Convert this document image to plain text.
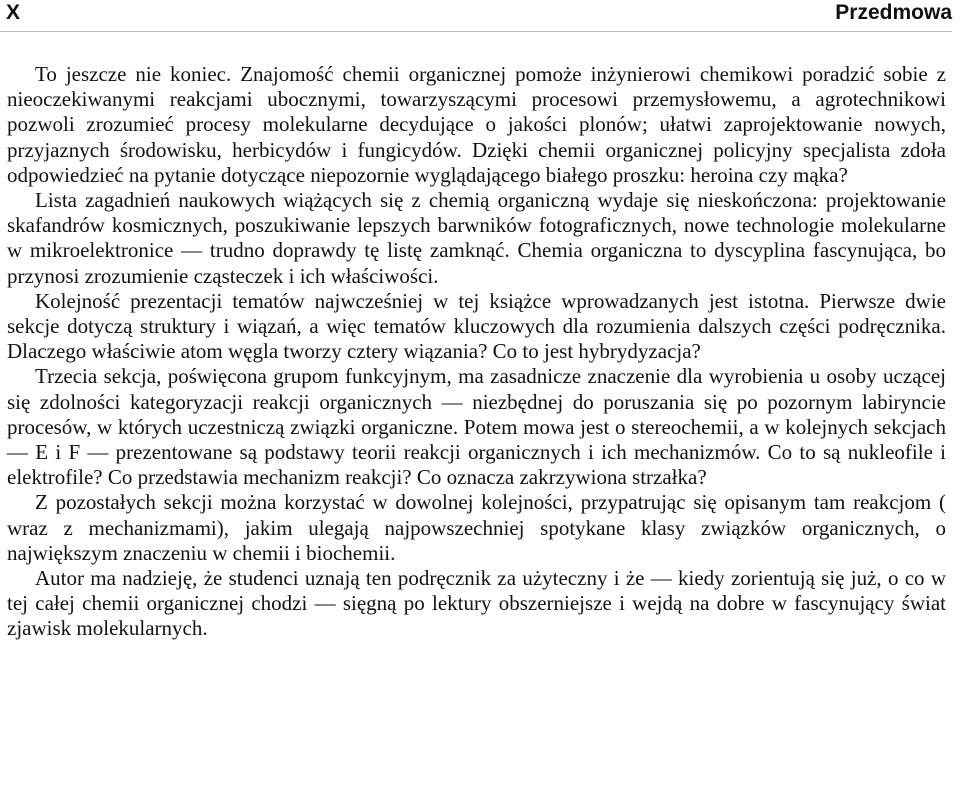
X	Przedmowa

To jeszcze nie koniec. Znajomość chemii organicznej pomoże inżynierowi chemikowi poradzić sobie z nieoczekiwanymi reakcjami ubocznymi, towarzyszącymi procesowi przemysłowemu, a agrotechnikowi pozwoli zrozumieć procesy molekularne decydujące o jakości plonów; ułatwi zaprojektowanie nowych, przyjaznych środowisku, herbicydów i fungicydów. Dzięki chemii organicznej policyjny specjalista zdoła odpowiedzieć na pytanie dotyczące niepozornie wyglądającego białego proszku: heroina czy mąka?

Lista zagadnień naukowych wiążących się z chemią organiczną wydaje się nieskończona: projektowanie skafandrów kosmicznych, poszukiwanie lepszych barwników fotograficznych, nowe technologie molekularne w mikroelektronice — trudno doprawdy tę listę zamknąć. Chemia organiczna to dyscyplina fascynująca, bo przynosi zrozumienie cząsteczek i ich właściwości.

Kolejność prezentacji tematów najwcześniej w tej książce wprowadzanych jest istotna. Pierwsze dwie sekcje dotyczą struktury i wiązań, a więc tematów kluczowych dla rozumienia dalszych części podręcznika. Dlaczego właściwie atom węgla tworzy cztery wiązania? Co to jest hybrydyzacja?

Trzecia sekcja, poświęcona grupom funkcyjnym, ma zasadnicze znaczenie dla wyrobienia u osoby uczącej się zdolności kategoryzacji reakcji organicznych — niezbędnej do poruszania się po pozornym labiryncie procesów, w których uczestniczą związki organiczne. Potem mowa jest o stereochemii, a w kolejnych sekcjach — E i F — prezentowane są podstawy teorii reakcji organicznych i ich mechanizmów. Co to są nukleofile i elektrofile? Co przedstawia mechanizm reakcji? Co oznacza zakrzywiona strzałka?

Z pozostałych sekcji można korzystać w dowolnej kolejności, przypatrując się opisanym tam reakcjom ( wraz z mechanizmami), jakim ulegają najpowszechniej spotykane klasy związków organicznych, o największym znaczeniu w chemii i biochemii.

Autor ma nadzieję, że studenci uznają ten podręcznik za użyteczny i że — kiedy zorientują się już, o co w tej całej chemii organicznej chodzi — sięgną po lektury obszerniejsze i wejdą na dobre w fascynujący świat zjawisk molekularnych.
